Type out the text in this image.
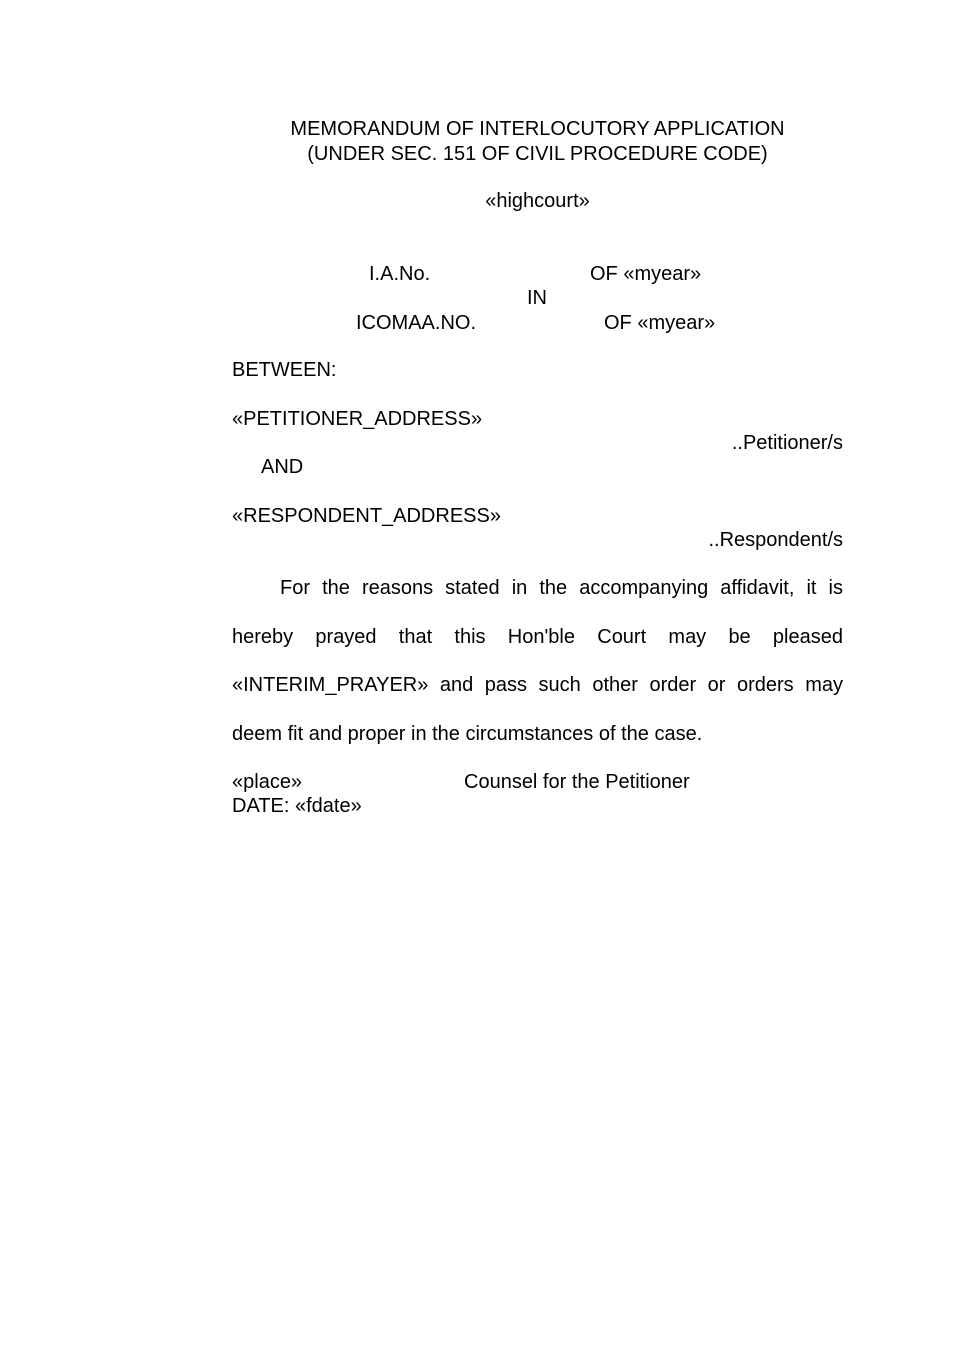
MEMORANDUM OF INTERLOCUTORY APPLICATION
(UNDER SEC. 151 OF CIVIL PROCEDURE CODE)
«highcourt»
I.A.No.	OF «myear»
IN
ICOMAA.NO.	OF «myear»
BETWEEN:
«PETITIONER_ADDRESS»
..Petitioner/s
AND
«RESPONDENT_ADDRESS»
..Respondent/s
For the reasons stated in the accompanying affidavit, it is
hereby prayed that this Hon'ble Court may be pleased
«INTERIM_PRAYER» and pass such other order or orders may
deem fit and proper in the circumstances of the case.
«place»	Counsel for the Petitioner
DATE: «fdate»
